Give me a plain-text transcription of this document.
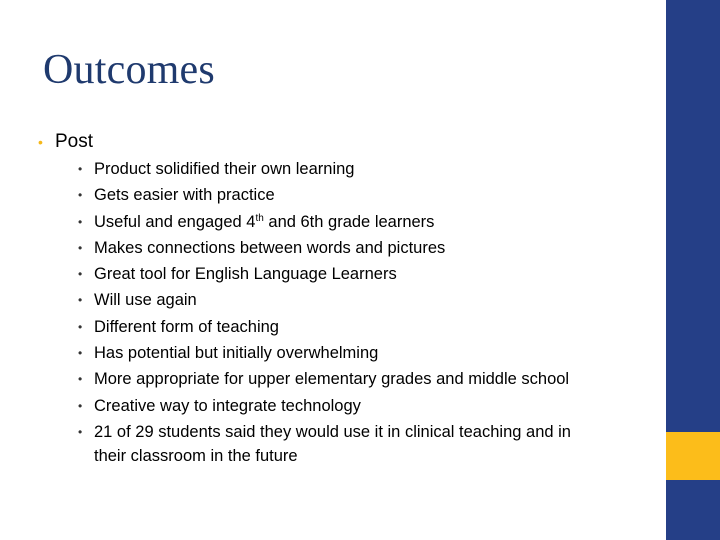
Outcomes
• Post
• Product solidified their own learning
• Gets easier with practice
• Useful and engaged 4th and 6th grade learners
• Makes connections between words and pictures
• Great tool for English Language Learners
• Will use again
• Different form of teaching
• Has potential but initially overwhelming
• More appropriate for upper elementary grades and middle school
• Creative way to integrate technology
• 21 of 29 students said they would use it in clinical teaching and in
their classroom in the future
